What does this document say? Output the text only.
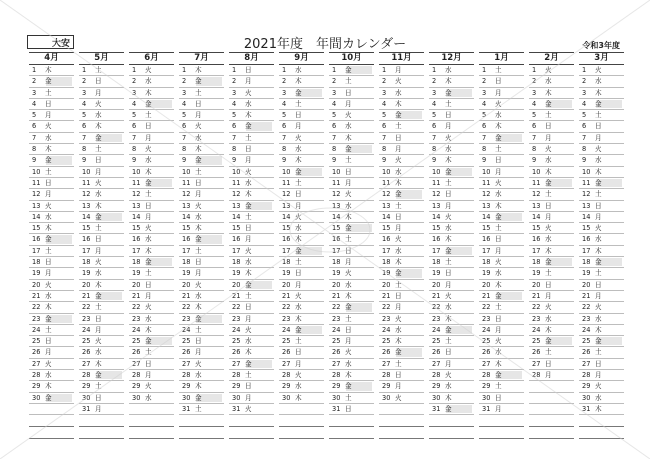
大安	2021年度　年間カレンダー	令和3年度
4月
1 木
2 金
3 土
4 日
5 月
6 火
7 水
8 木
9 金
10 土
11 日
12 月
13 火
14 水
15 木
16 金
17 土
18 日
19 月
20 火
21 水
22 木
23 金
24 土
25 日
26 月
27 火
28 水
29 木
30 金
5月
1 土
2 日
3 月
4 火
5 水
6 木
7 金
8 土
9 日
10 月
11 火
12 水
13 木
14 金
15 土
16 日
17 月
18 火
19 水
20 木
21 金
22 土
23 日
24 月
25 火
26 水
27 木
28 金
29 土
30 日
31 月
6月
1 火
2 水
3 木
4 金
5 土
6 日
7 月
8 火
9 水
10 木
11 金
12 土
13 日
14 月
15 火
16 水
17 木
18 金
19 土
20 日
21 月
22 火
23 水
24 木
25 金
26 土
27 日
28 月
29 火
30 水
7月
1 木
2 金
3 土
4 日
5 月
6 火
7 水
8 木
9 金
10 土
11 日
12 月
13 火
14 水
15 木
16 金
17 土
18 日
19 月
20 火
21 水
22 木
23 金
24 土
25 日
26 月
27 火
28 水
29 木
30 金
31 土
8月
1 日
2 月
3 火
4 水
5 木
6 金
7 土
8 日
9 月
10 火
11 水
12 木
13 金
14 土
15 日
16 月
17 火
18 水
19 木
20 金
21 土
22 日
23 月
24 火
25 水
26 木
27 金
28 土
29 日
30 月
31 火
9月
1 水
2 木
3 金
4 土
5 日
6 月
7 火
8 水
9 木
10 金
11 土
12 日
13 月
14 火
15 水
16 木
17 金
18 土
19 日
20 月
21 火
22 水
23 木
24 金
25 土
26 日
27 月
28 火
29 水
30 木
10月
1 金
2 土
3 日
4 月
5 火
6 水
7 木
8 金
9 土
10 日
11 月
12 火
13 水
14 木
15 金
16 土
17 日
18 月
19 火
20 水
21 木
22 金
23 土
24 日
25 月
26 火
27 水
28 木
29 金
30 土
31 日
11月
1 月
2 火
3 水
4 木
5 金
6 土
7 日
8 月
9 火
10 水
11 木
12 金
13 土
14 日
15 月
16 火
17 水
18 木
19 金
20 土
21 日
22 月
23 火
24 水
25 木
26 金
27 土
28 日
29 月
30 火
12月
1 水
2 木
3 金
4 土
5 日
6 月
7 火
8 水
9 木
10 金
11 土
12 日
13 月
14 火
15 水
16 木
17 金
18 土
19 日
20 月
21 火
22 水
23 木
24 金
25 土
26 日
27 月
28 火
29 水
30 木
31 金
1月
1 土
2 日
3 月
4 火
5 水
6 木
7 金
8 土
9 日
10 月
11 火
12 水
13 木
14 金
15 土
16 日
17 月
18 火
19 水
20 木
21 金
22 土
23 日
24 月
25 火
26 水
27 木
28 金
29 土
30 日
31 月
2月
1 火
2 水
3 木
4 金
5 土
6 日
7 月
8 火
9 水
10 木
11 金
12 土
13 日
14 月
15 火
16 水
17 木
18 金
19 土
20 日
21 月
22 火
23 水
24 木
25 金
26 土
27 日
28 月
3月
1 火
2 水
3 木
4 金
5 土
6 日
7 月
8 火
9 水
10 木
11 金
12 土
13 日
14 月
15 火
16 水
17 木
18 金
19 土
20 日
21 月
22 火
23 水
24 木
25 金
26 土
27 日
28 月
29 火
30 水
31 木
